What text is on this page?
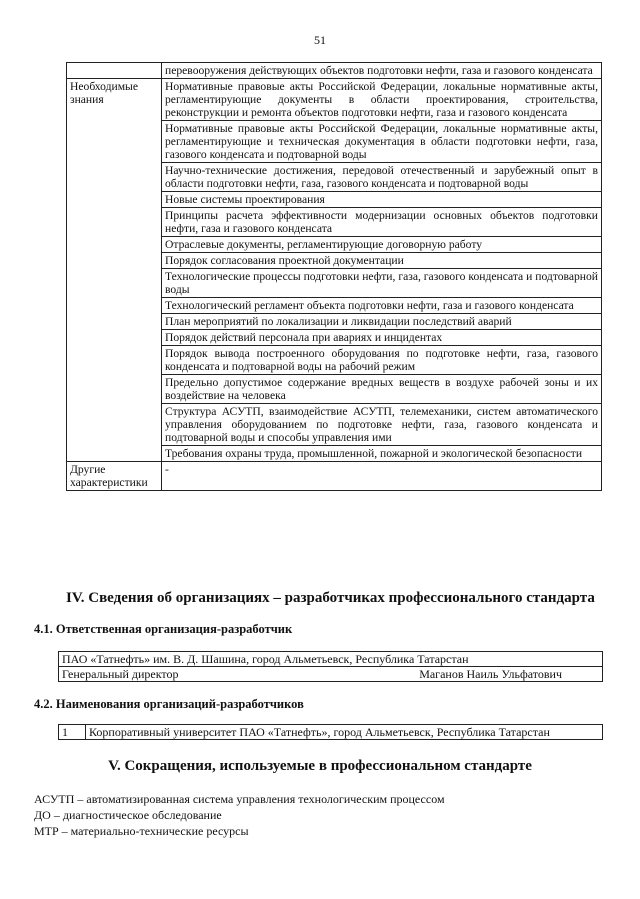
51
	перевооружения действующих объектов подготовки нефти, газа и газового конденсата
Необходимые знания	Нормативные правовые акты Российской Федерации, локальные нормативные акты, регламентирующие документы в области проектирования, строительства, реконструкции и ремонта объектов подготовки нефти, газа и газового конденсата
	Нормативные правовые акты Российской Федерации, локальные нормативные акты, регламентирующие и техническая документация в области подготовки нефти, газа, газового конденсата и подтоварной воды
	Научно-технические достижения, передовой отечественный и зарубежный опыт в области подготовки нефти, газа, газового конденсата и подтоварной воды
	Новые системы проектирования
	Принципы расчета эффективности модернизации основных объектов подготовки нефти, газа и газового конденсата
	Отраслевые документы, регламентирующие договорную работу
	Порядок согласования проектной документации
	Технологические процессы подготовки нефти, газа, газового конденсата и подтоварной воды
	Технологический регламент объекта подготовки нефти, газа и газового конденсата
	План мероприятий по локализации и ликвидации последствий аварий
	Порядок действий персонала при авариях и инцидентах
	Порядок вывода построенного оборудования по подготовке нефти, газа, газового конденсата и подтоварной воды на рабочий режим
	Предельно допустимое содержание вредных веществ в воздухе рабочей зоны и их воздействие на человека
	Структура АСУТП, взаимодействие АСУТП, телемеханики, систем автоматического управления оборудованием по подготовке нефти, газа, газового конденсата и подтоварной воды и способы управления ими
	Требования охраны труда, промышленной, пожарной и экологической безопасности
Другие характеристики	-
IV. Сведения об организациях – разработчиках профессионального стандарта
4.1. Ответственная организация-разработчик
ПАО «Татнефть» им. В. Д. Шашина, город Альметьевск, Республика Татарстан
Генеральный директор	Маганов Наиль Ульфатович
4.2. Наименования организаций-разработчиков
1	Корпоративный университет ПАО «Татнефть», город Альметьевск, Республика Татарстан
V. Сокращения, используемые в профессиональном стандарте
АСУТП – автоматизированная система управления технологическим процессом
ДО – диагностическое обследование
МТР – материально-технические ресурсы
